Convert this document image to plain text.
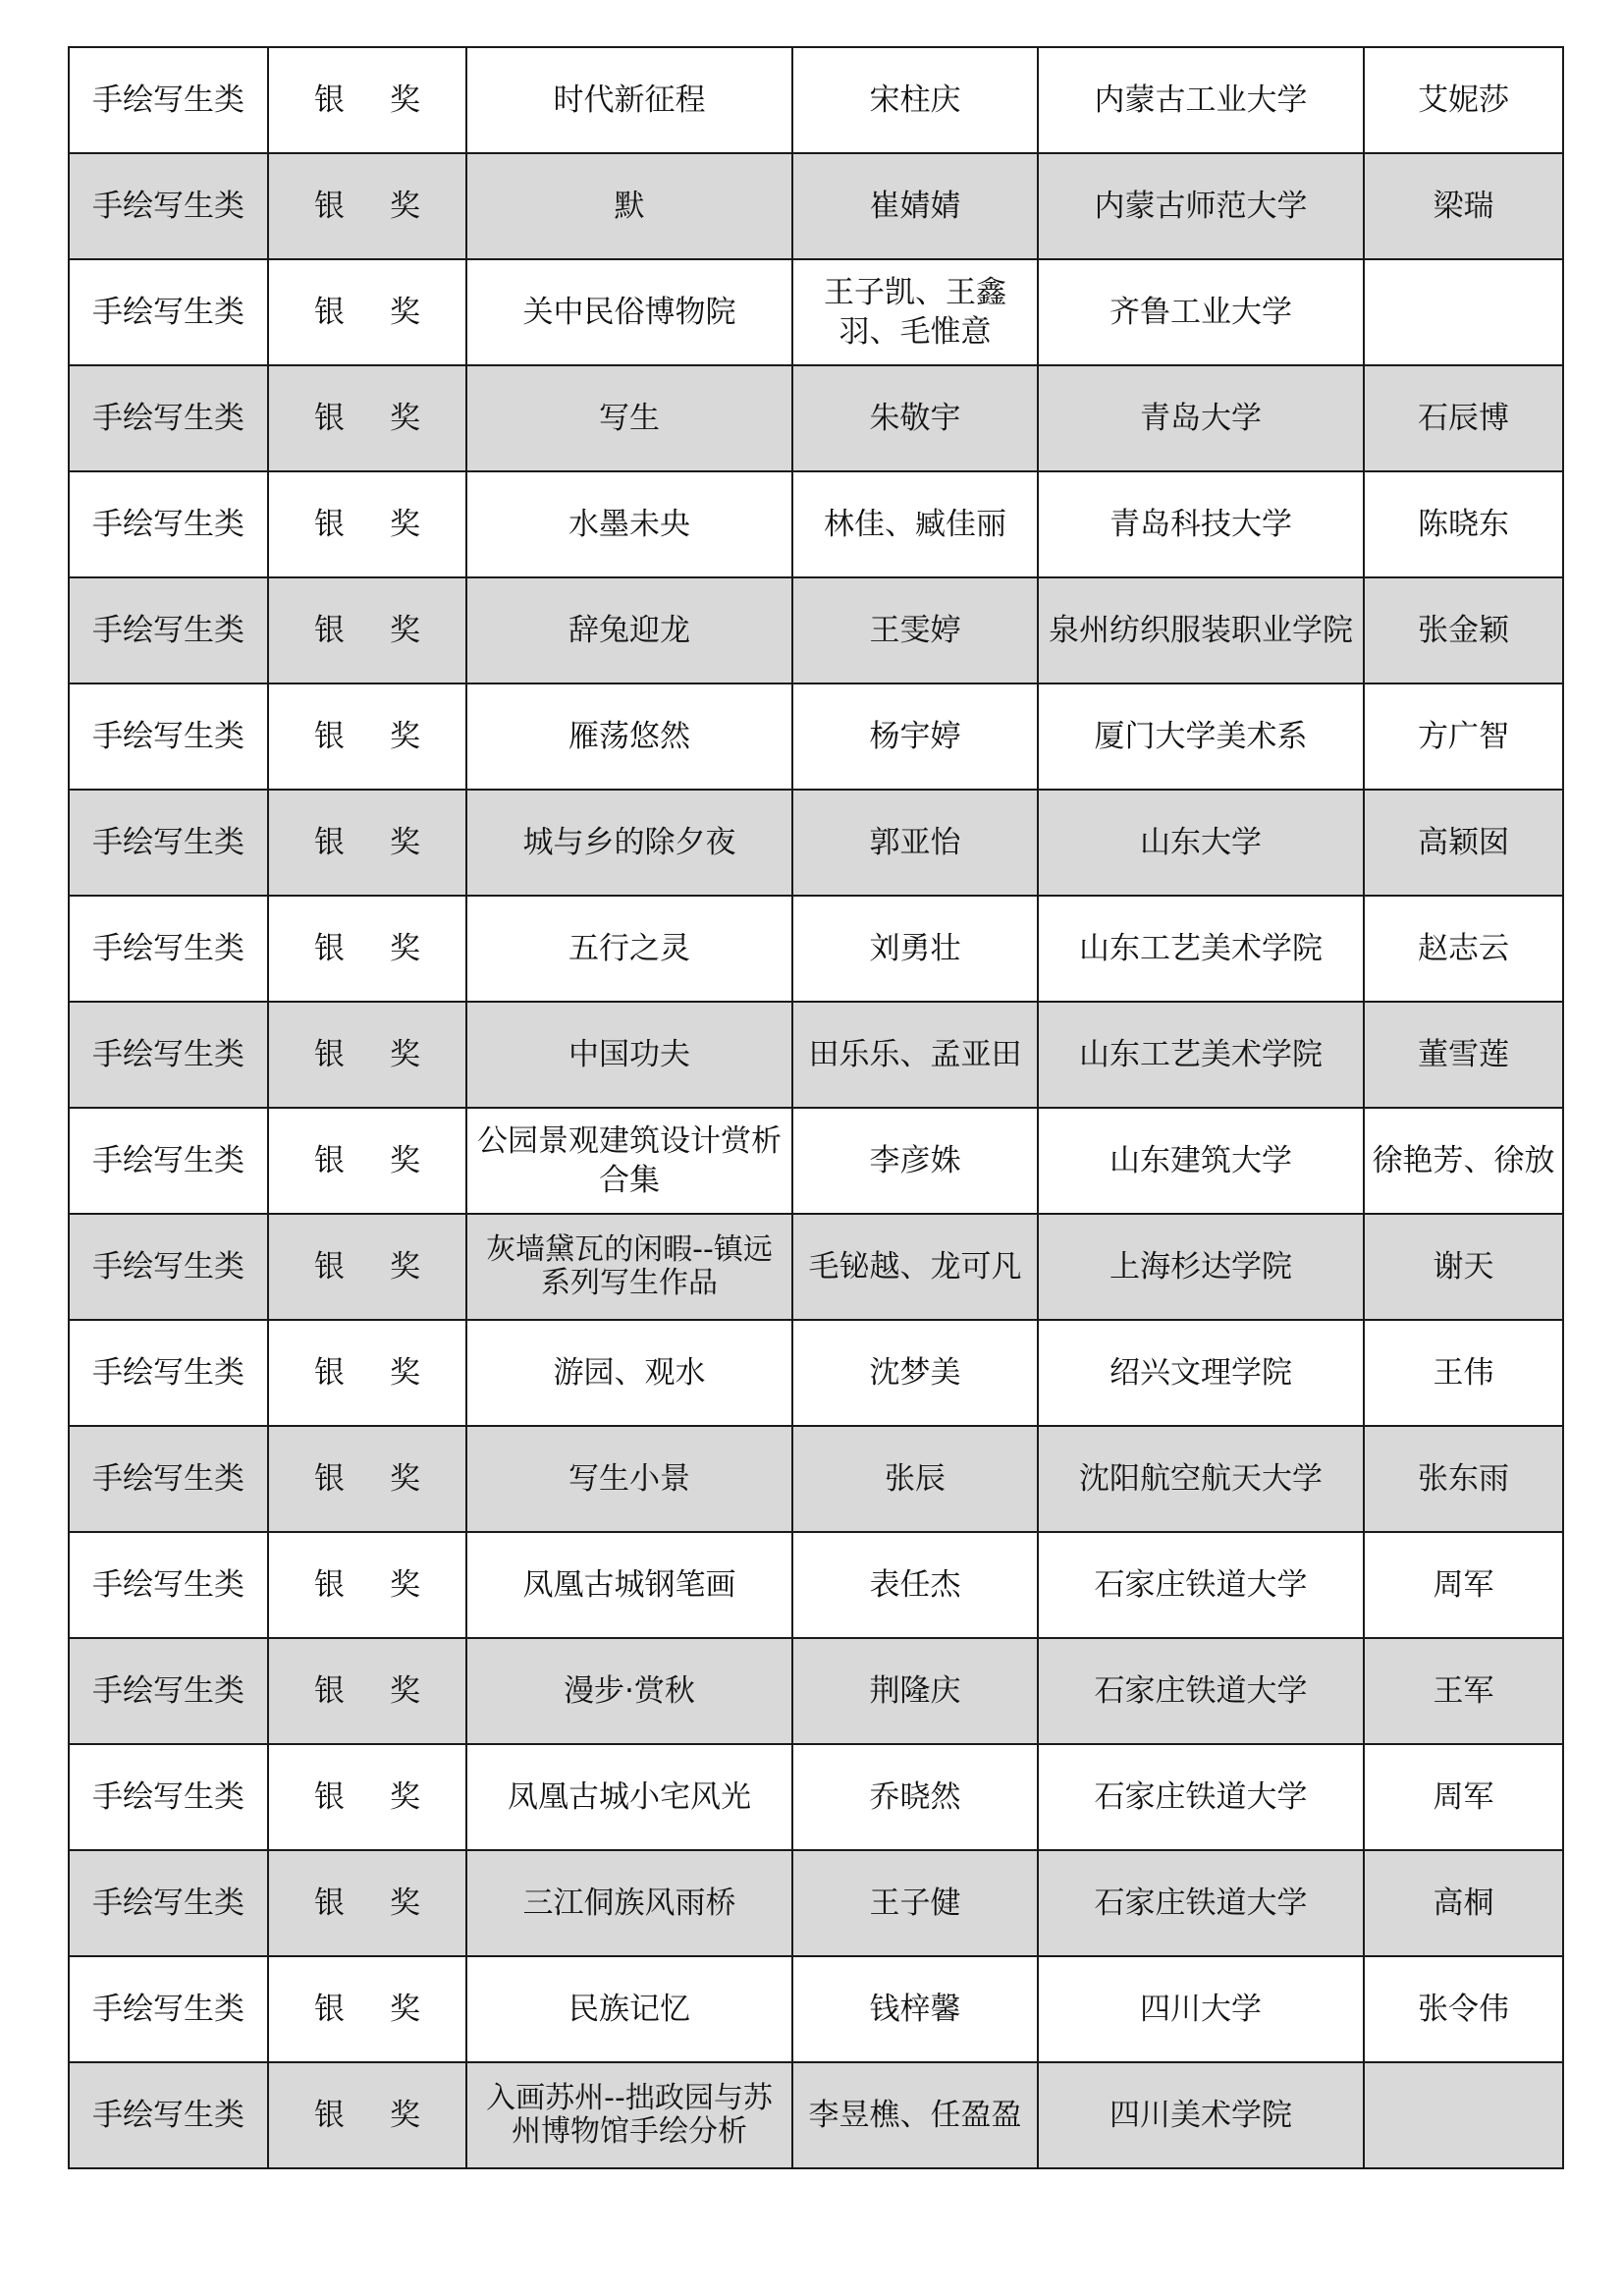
手绘写生类	银 奖	时代新征程	宋柱庆	内蒙古工业大学	艾妮莎
手绘写生类	银 奖	默	崔婧婧	内蒙古师范大学	梁瑞
手绘写生类	银 奖	关中民俗博物院	王子凯、王鑫羽、毛惟意	齐鲁工业大学	
手绘写生类	银 奖	写生	朱敬宇	青岛大学	石辰博
手绘写生类	银 奖	水墨未央	林佳、臧佳丽	青岛科技大学	陈晓东
手绘写生类	银 奖	辞兔迎龙	王雯婷	泉州纺织服装职业学院	张金颖
手绘写生类	银 奖	雁荡悠然	杨宇婷	厦门大学美术系	方广智
手绘写生类	银 奖	城与乡的除夕夜	郭亚怡	山东大学	高颖囡
手绘写生类	银 奖	五行之灵	刘勇壮	山东工艺美术学院	赵志云
手绘写生类	银 奖	中国功夫	田乐乐、孟亚田	山东工艺美术学院	董雪莲
手绘写生类	银 奖	公园景观建筑设计赏析合集	李彦姝	山东建筑大学	徐艳芳、徐放
手绘写生类	银 奖	灰墙黛瓦的闲暇--镇远系列写生作品	毛铋越、龙可凡	上海杉达学院	谢天
手绘写生类	银 奖	游园、观水	沈梦美	绍兴文理学院	王伟
手绘写生类	银 奖	写生小景	张辰	沈阳航空航天大学	张东雨
手绘写生类	银 奖	凤凰古城钢笔画	表任杰	石家庄铁道大学	周军
手绘写生类	银 奖	漫步·赏秋	荆隆庆	石家庄铁道大学	王军
手绘写生类	银 奖	凤凰古城小宅风光	乔晓然	石家庄铁道大学	周军
手绘写生类	银 奖	三江侗族风雨桥	王子健	石家庄铁道大学	高桐
手绘写生类	银 奖	民族记忆	钱梓馨	四川大学	张令伟
手绘写生类	银 奖	入画苏州--拙政园与苏州博物馆手绘分析	李昱樵、任盈盈	四川美术学院	
